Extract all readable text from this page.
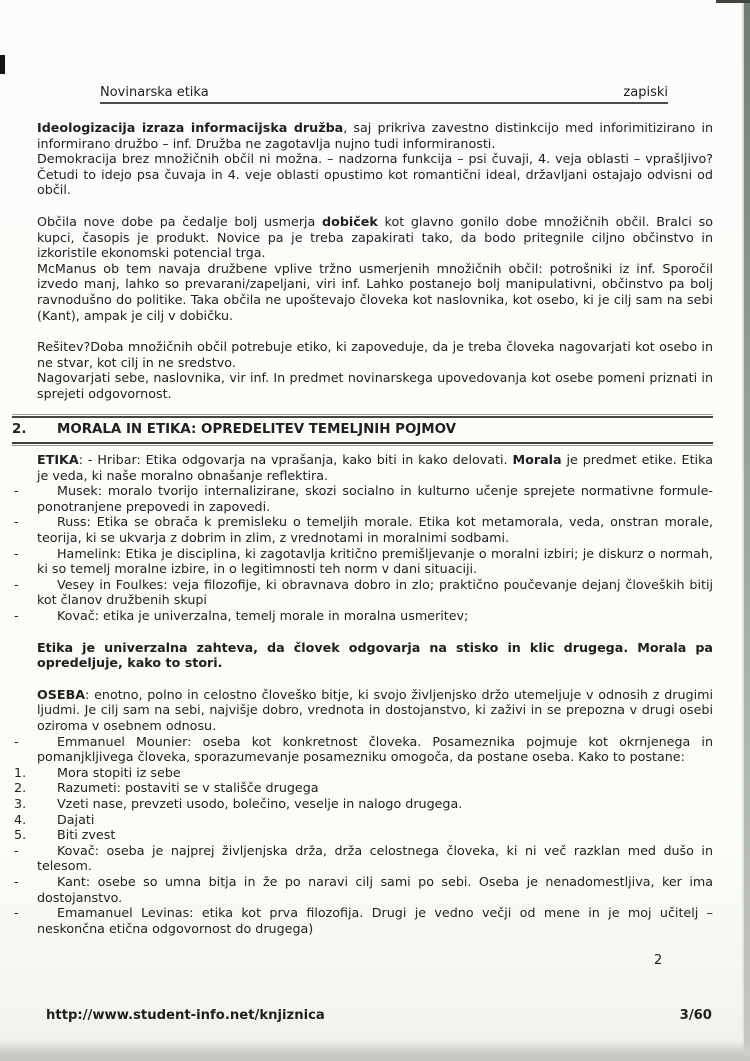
Novinarska etika	zapiski

Ideologizacija izraza informacijska družba, saj prikriva zavestno distinkcijo med inforimitizirano in informirano družbo – inf. Družba ne zagotavlja nujno tudi informiranosti.

Demokracija brez množičnih občil ni možna. – nadzorna funkcija – psi čuvaji, 4. veja oblasti – vprašljivo? Četudi to idejo psa čuvaja in 4. veje oblasti opustimo kot romantični ideal, državljani ostajajo odvisni od občil.

Občila nove dobe pa čedalje bolj usmerja dobiček kot glavno gonilo dobe množičnih občil. Bralci so kupci, časopis je produkt. Novice pa je treba zapakirati tako, da bodo pritegnile ciljno občinstvo in izkoristile ekonomski potencial trga.

McManus ob tem navaja družbene vplive tržno usmerjenih množičnih občil: potrošniki iz inf. Sporočil izvedo manj, lahko so prevarani/zapeljani, viri inf. Lahko postanejo bolj manipulativni, občinstvo pa bolj ravnodušno do politike. Taka občila ne upoštevajo človeka kot naslovnika, kot osebo, ki je cilj sam na sebi (Kant), ampak je cilj v dobičku.

Rešitev?Doba množičnih občil potrebuje etiko, ki zapoveduje, da je treba človeka nagovarjati kot osebo in ne stvar, kot cilj in ne sredstvo.

Nagovarjati sebe, naslovnika, vir inf. In predmet novinarskega upovedovanja kot osebe pomeni priznati in sprejeti odgovornost.

2. MORALA IN ETIKA: OPREDELITEV TEMELJNIH POJMOV

ETIKA: - Hribar: Etika odgovarja na vprašanja, kako biti in kako delovati. Morala je predmet etike. Etika je veda, ki naše moralno obnašanje reflektira.

-	Musek: moralo tvorijo internalizirane, skozi socialno in kulturno učenje sprejete normativne formule- ponotranjene prepovedi in zapovedi.

-	Russ: Etika se obrača k premisleku o temeljih morale. Etika kot metamorala, veda, onstran morale, teorija, ki se ukvarja z dobrim in zlim, z vrednotami in moralnimi sodbami.

-	Hamelink: Etika je disciplina, ki zagotavlja kritično premišljevanje o moralni izbiri; je diskurz o normah, ki so temelj moralne izbire, in o legitimnosti teh norm v dani situaciji.

-	Vesey in Foulkes: veja filozofije, ki obravnava dobro in zlo; praktično poučevanje dejanj človeških bitij kot članov družbenih skupi

-	Kovač: etika je univerzalna, temelj morale in moralna usmeritev;

Etika je univerzalna zahteva, da človek odgovarja na stisko in klic drugega. Morala pa opredeljuje, kako to stori.

OSEBA: enotno, polno in celostno človeško bitje, ki svojo življenjsko držo utemeljuje v odnosih z drugimi ljudmi. Je cilj sam na sebi, najvišje dobro, vrednota in dostojanstvo, ki zaživi in se prepozna v drugi osebi oziroma v osebnem odnosu.

-	Emmanuel Mounier: oseba kot konkretnost človeka. Posameznika pojmuje kot okrnjenega in pomanjkljivega človeka, sporazumevanje posamezniku omogoča, da postane oseba. Kako to postane:

1. Mora stopiti iz sebe

2. Razumeti: postaviti se v stališče drugega

3. Vzeti nase, prevzeti usodo, bolečino, veselje in nalogo drugega.

4. Dajati

5. Biti zvest

-	Kovač: oseba je najprej življenjska drža, drža celostnega človeka, ki ni več razklan med dušo in telesom.

-	Kant: osebe so umna bitja in že po naravi cilj sami po sebi. Oseba je nenadomestljiva, ker ima dostojanstvo.

-	Emamanuel Levinas: etika kot prva filozofija. Drugi je vedno večji od mene in je moj učitelj – neskončna etična odgovornost do drugega)

2
http://www.student-info.net/knjiznica	3/60
